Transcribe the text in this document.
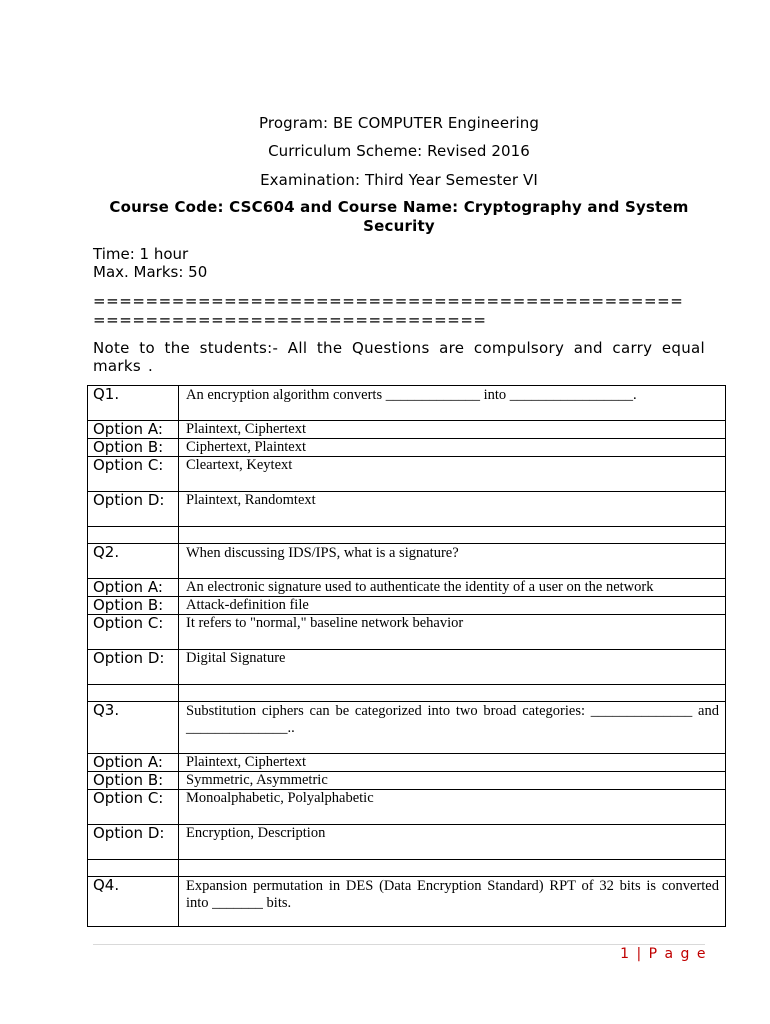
Program: BE COMPUTER Engineering
Curriculum Scheme: Revised 2016
Examination: Third Year Semester VI
Course Code: CSC604 and Course Name: Cryptography and System Security
Time: 1 hour
Max. Marks: 50
=============================================
==============================
Note to the students:- All the Questions are compulsory and carry equal marks .
Q1.	An encryption algorithm converts _____________ into _________________.
Option A:	Plaintext, Ciphertext
Option B:	Ciphertext, Plaintext
Option C:	Cleartext, Keytext
Option D:	Plaintext, Randomtext

Q2.	When discussing IDS/IPS, what is a signature?
Option A:	An electronic signature used to authenticate the identity of a user on the network
Option B:	Attack-definition file
Option C:	It refers to "normal," baseline network behavior
Option D:	Digital Signature

Q3.	Substitution ciphers can be categorized into two broad categories: ______________ and ______________..
Option A:	Plaintext, Ciphertext
Option B:	Symmetric, Asymmetric
Option C:	Monoalphabetic, Polyalphabetic
Option D:	Encryption, Description

Q4.	Expansion permutation in DES (Data Encryption Standard) RPT of 32 bits is converted into _______ bits.
1 | P a g e
